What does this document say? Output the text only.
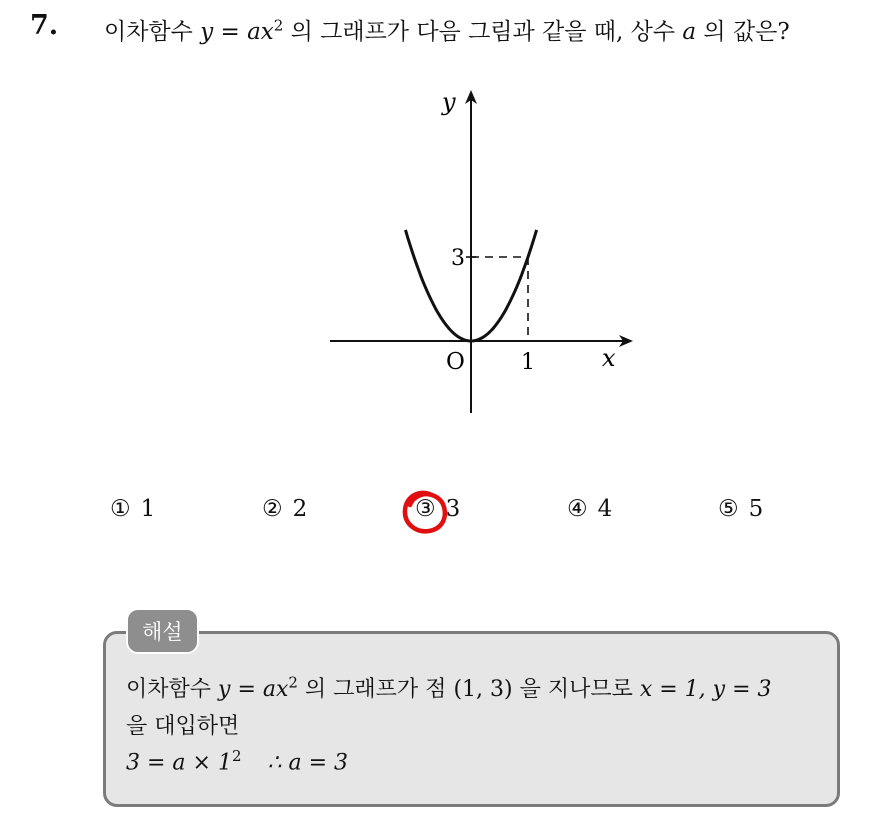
7. 이차함수 $y = ax^2$ 의 그래프가 다음 그림과 같을 때, 상수 a 의 값은?
y
x
O	1
3
① 1	② 2	③ 3	④ 4	⑤ 5
해설
이차함수 $y = ax^2$ 의 그래프가 점 (1, 3) 을 지나므로 x = 1, y = 3
을 대입하면
$3 = a \times 1^2$ ∴ a = 3
